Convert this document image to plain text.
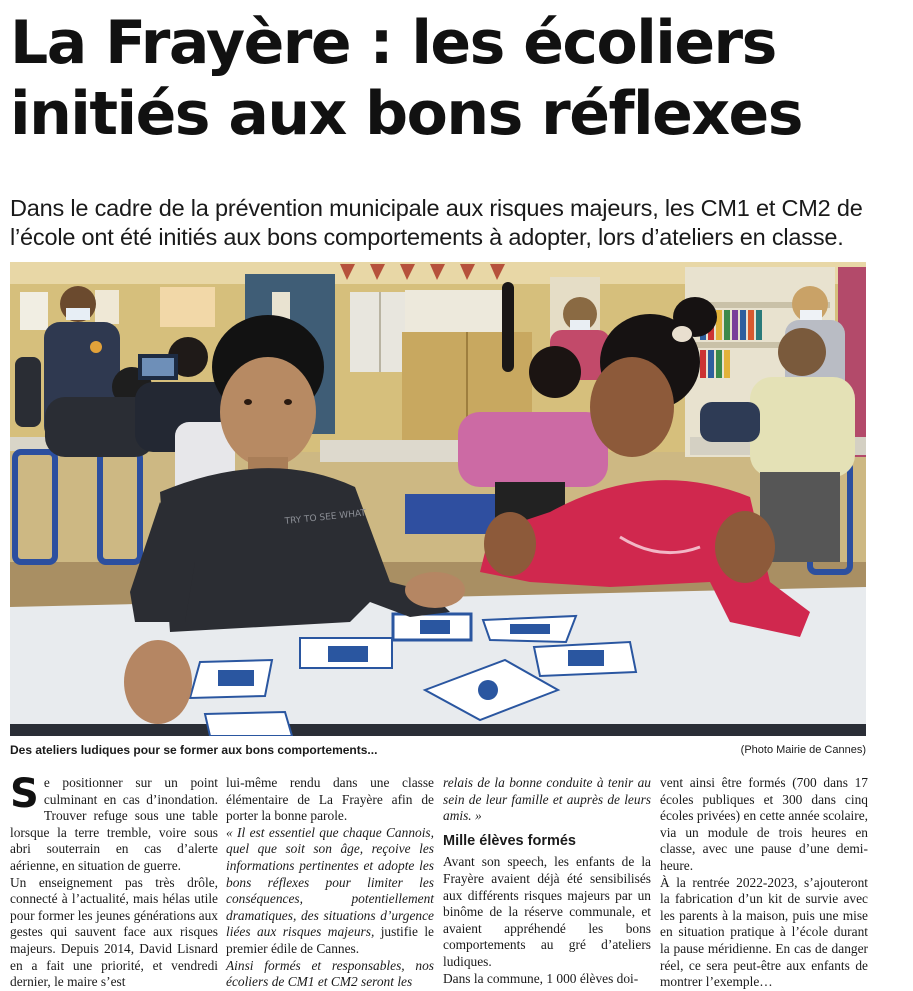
La Frayère : les écoliers
initiés aux bons réflexes

Dans le cadre de la prévention municipale aux risques majeurs, les CM1 et CM2 de
l’école ont été initiés aux bons comportements à adopter, lors d’ateliers en classe.

TRY TO SEE WHAT
Des ateliers ludiques pour se former aux bons comportements...	(Photo Mairie de Cannes)
S e positionner sur un point culminant en cas d’inondation. Trouver refuge sous une table lorsque la terre tremble, voire sous abri souterrain en cas d’alerte aérienne, en situation de guerre.

Un enseignement pas très drôle, connecté à l’actualité, mais hélas utile pour former les jeunes générations aux gestes qui sauvent face aux risques majeurs. Depuis 2014, David Lisnard en a fait une priorité, et vendredi dernier, le maire s’est

lui-même rendu dans une classe élémentaire de La Frayère afin de porter la bonne parole.

« Il est essentiel que chaque Cannois, quel que soit son âge, reçoive les informations pertinentes et adopte les bons réflexes pour limiter les conséquences, potentiellement dramatiques, des situations d’urgence liées aux risques majeurs, justifie le premier édile de Cannes.

Ainsi formés et responsables, nos écoliers de CM1 et CM2 seront les

relais de la bonne conduite à tenir au sein de leur famille et auprès de leurs amis. »

Mille élèves formés

Avant son speech, les enfants de la Frayère avaient déjà été sensibilisés aux différents risques majeurs par un binôme de la réserve communale, et avaient appréhendé les bons comportements au gré d’ateliers ludiques.

Dans la commune, 1 000 élèves doi-

vent ainsi être formés (700 dans 17 écoles publiques et 300 dans cinq écoles privées) en cette année scolaire, via un module de trois heures en classe, avec une pause d’une demi-heure.

À la rentrée 2022-2023, s’ajouteront la fabrication d’un kit de survie avec les parents à la maison, puis une mise en situation pratique à l’école durant la pause méridienne. En cas de danger réel, ce sera peut-être aux enfants de montrer l’exemple…
